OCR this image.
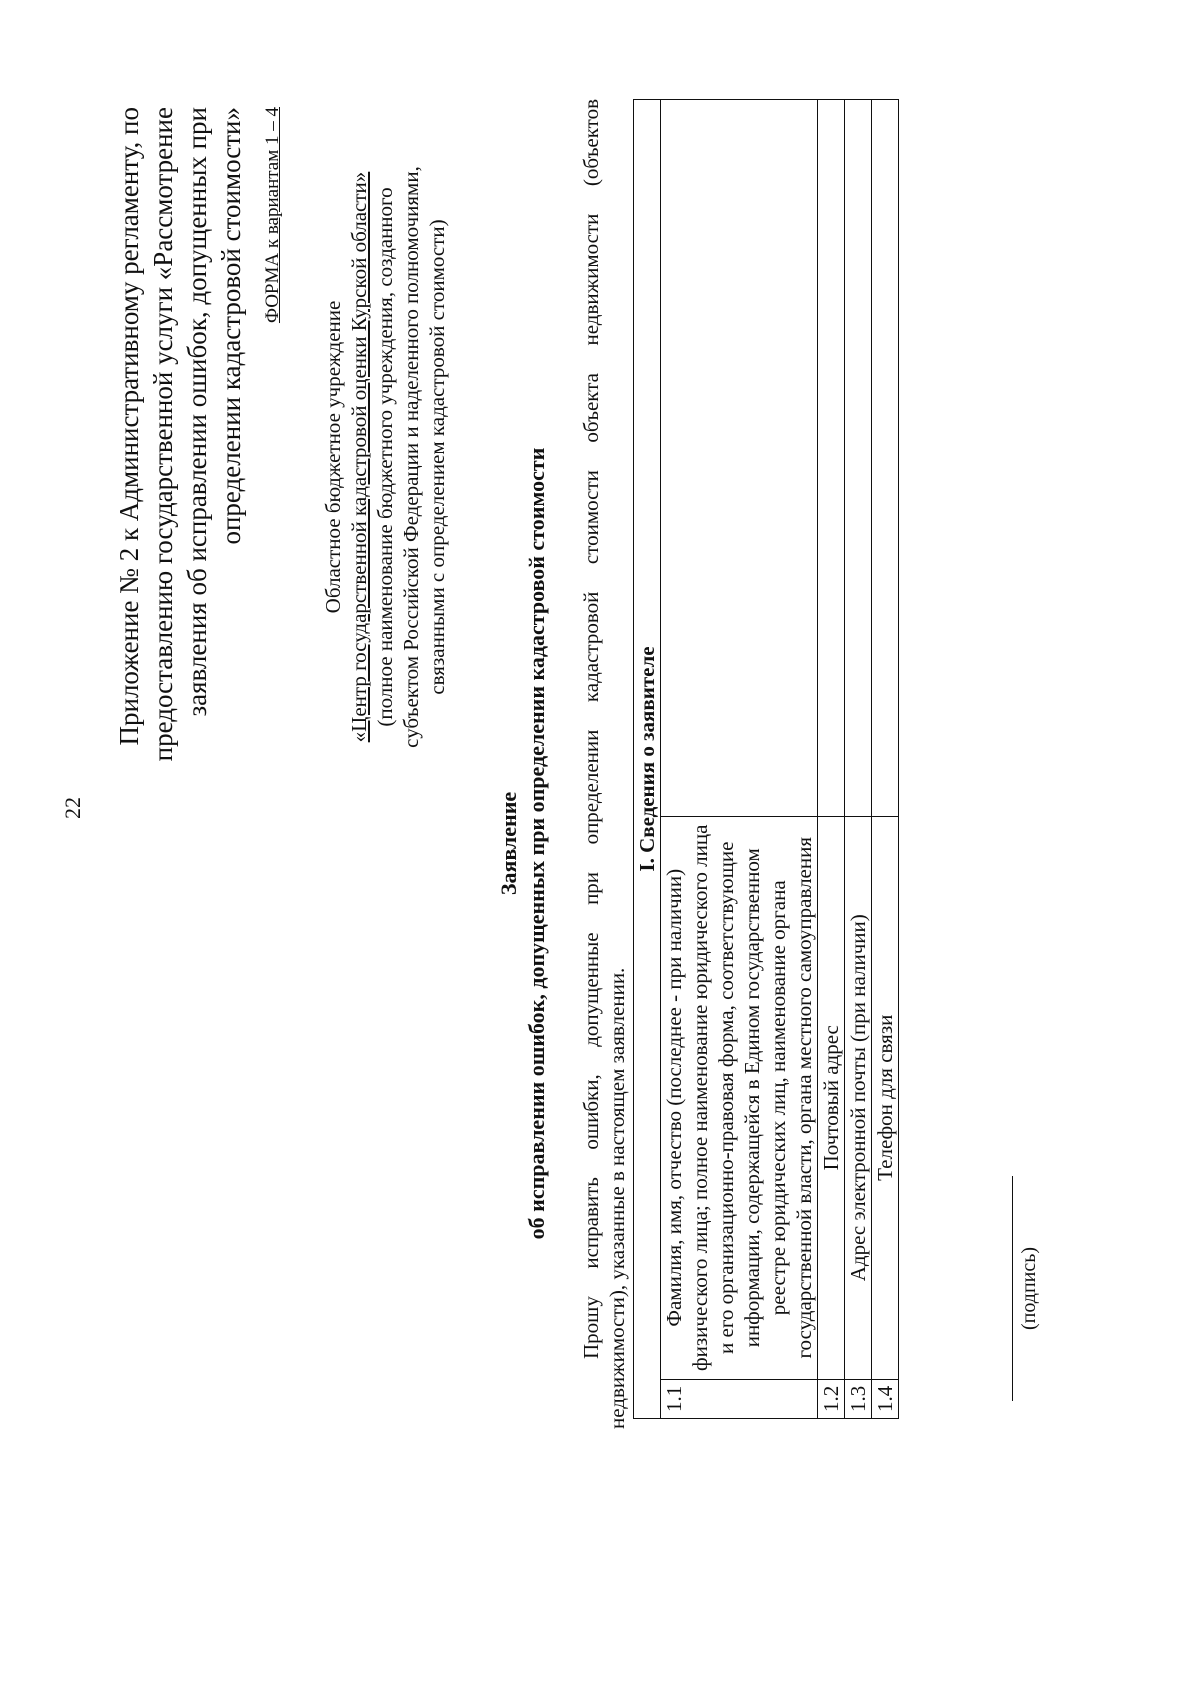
22
Приложение № 2 к Административному регламенту, по предоставлению государственной услуги «Рассмотрение заявления об исправлении ошибок, допущенных при определении кадастровой стоимости» ФОРМА к вариантам 1 – 4
Областное бюджетное учреждение «Центр государственной кадастровой оценки Курской области» (полное наименование бюджетного учреждения, созданного субъектом Российской Федерации и наделенного полномочиями, связанными с определением кадастровой стоимости)
Заявление об исправлении ошибок, допущенных при определении кадастровой стоимости Прошу исправить ошибки, допущенные при определении кадастровой стоимости объекта недвижимости (объектов недвижимости), указанные в настоящем заявлении.
I. Сведения о заявителе		
1.1	Фамилия, имя, отчество (последнее - при наличии) физического лица; полное наименование юридического лица и его организационно-правовая форма, соответствующие информации, содержащейся в Едином государственном реестре юридических лиц, наименование органа государственной власти, органа местного самоуправления	
1.2	Почтовый адрес	
1.3	Адрес электронной почты (при наличии)	
1.4	Телефон для связи	
(подпись)
